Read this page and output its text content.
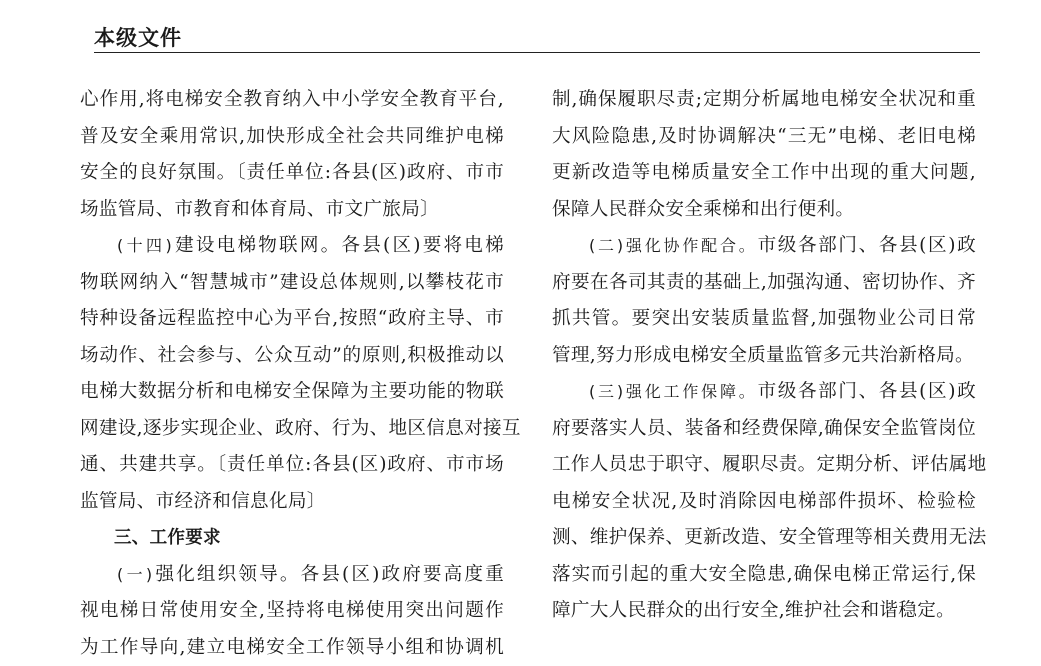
本级文件
心作用,将电梯安全教育纳入中小学安全教育平台,
普及安全乘用常识,加快形成全社会共同维护电梯
安全的良好氛围。〔责任单位:各县(区)政府、市市
场监管局、市教育和体育局、市文广旅局〕
(十四)建设电梯物联网。各县(区)要将电梯
物联网纳入“智慧城市”建设总体规则,以攀枝花市
特种设备远程监控中心为平台,按照“政府主导、市
场动作、社会参与、公众互动”的原则,积极推动以
电梯大数据分析和电梯安全保障为主要功能的物联
网建设,逐步实现企业、政府、行为、地区信息对接互
通、共建共享。〔责任单位:各县(区)政府、市市场
监管局、市经济和信息化局〕
三、工作要求
(一)强化组织领导。各县(区)政府要高度重
视电梯日常使用安全,坚持将电梯使用突出问题作
为工作导向,建立电梯安全工作领导小组和协调机
制,确保履职尽责;定期分析属地电梯安全状况和重
大风险隐患,及时协调解决“三无”电梯、老旧电梯
更新改造等电梯质量安全工作中出现的重大问题,
保障人民群众安全乘梯和出行便利。
(二)强化协作配合。市级各部门、各县(区)政
府要在各司其责的基础上,加强沟通、密切协作、齐
抓共管。要突出安装质量监督,加强物业公司日常
管理,努力形成电梯安全质量监管多元共治新格局。
(三)强化工作保障。市级各部门、各县(区)政
府要落实人员、装备和经费保障,确保安全监管岗位
工作人员忠于职守、履职尽责。定期分析、评估属地
电梯安全状况,及时消除因电梯部件损坏、检验检
测、维护保养、更新改造、安全管理等相关费用无法
落实而引起的重大安全隐患,确保电梯正常运行,保
障广大人民群众的出行安全,维护社会和谐稳定。
